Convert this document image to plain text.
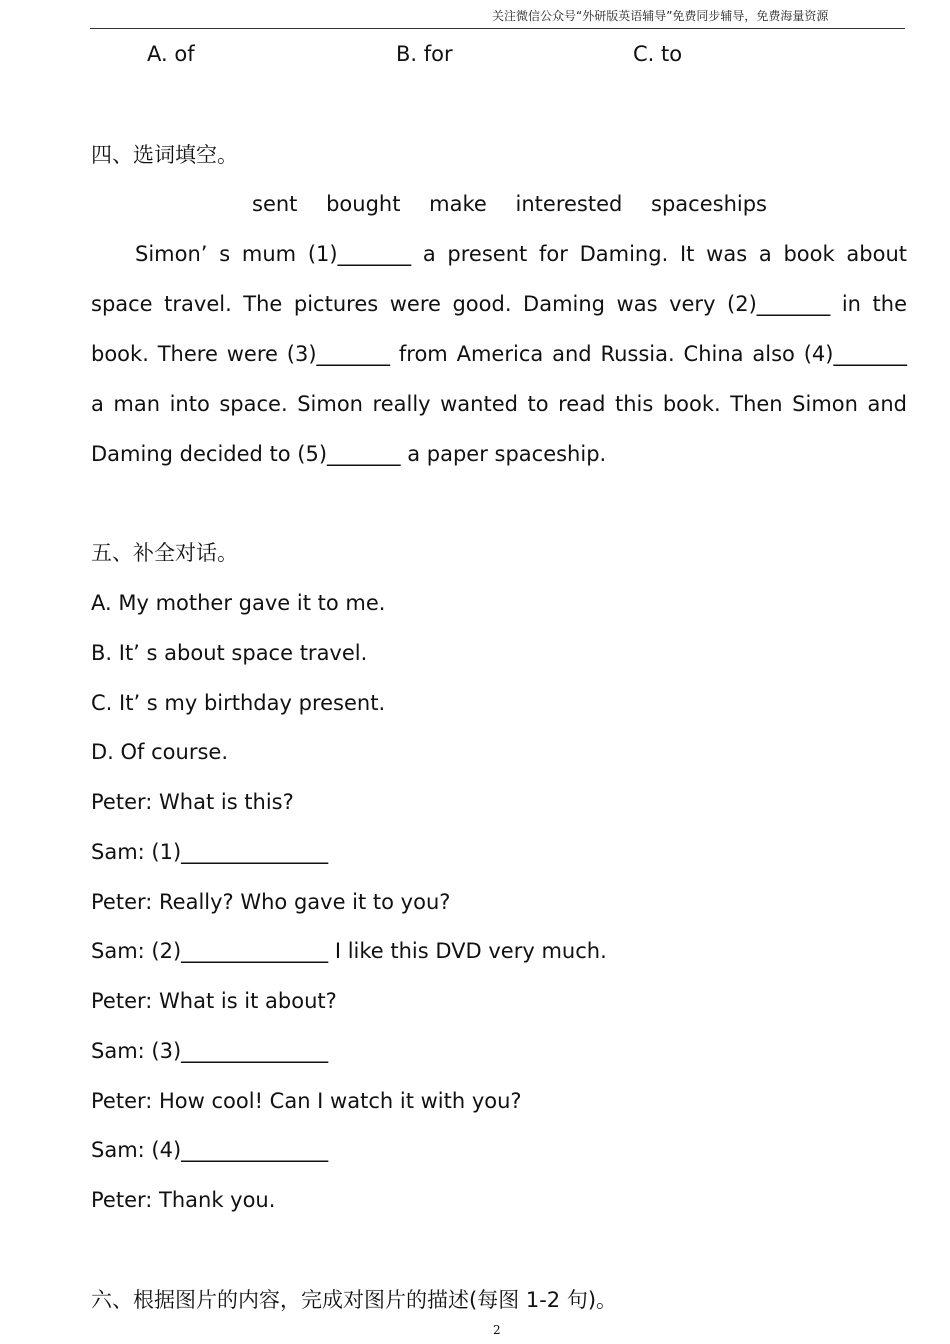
关注微信公众号“外研版英语辅导”免费同步辅导，免费海量资源
A. of	B. for	C. to
四、选词填空。
sent bought make interested spaceships
Simon’ s mum (1)_______ a present for Daming. It was a book about
space travel. The pictures were good. Daming was very (2)_______ in the
book. There were (3)_______ from America and Russia. China also (4)_______
a man into space. Simon really wanted to read this book. Then Simon and
Daming decided to (5)_______ a paper spaceship.
五、补全对话。
A. My mother gave it to me.
B. It’ s about space travel.
C. It’ s my birthday present.
D. Of course.
Peter: What is this?
Sam: (1)______________
Peter: Really? Who gave it to you?
Sam: (2)______________ I like this DVD very much.
Peter: What is it about?
Sam: (3)______________
Peter: How cool! Can I watch it with you?
Sam: (4)______________
Peter: Thank you.
六、根据图片的内容，完成对图片的描述(每图 1-2 句)。
2
